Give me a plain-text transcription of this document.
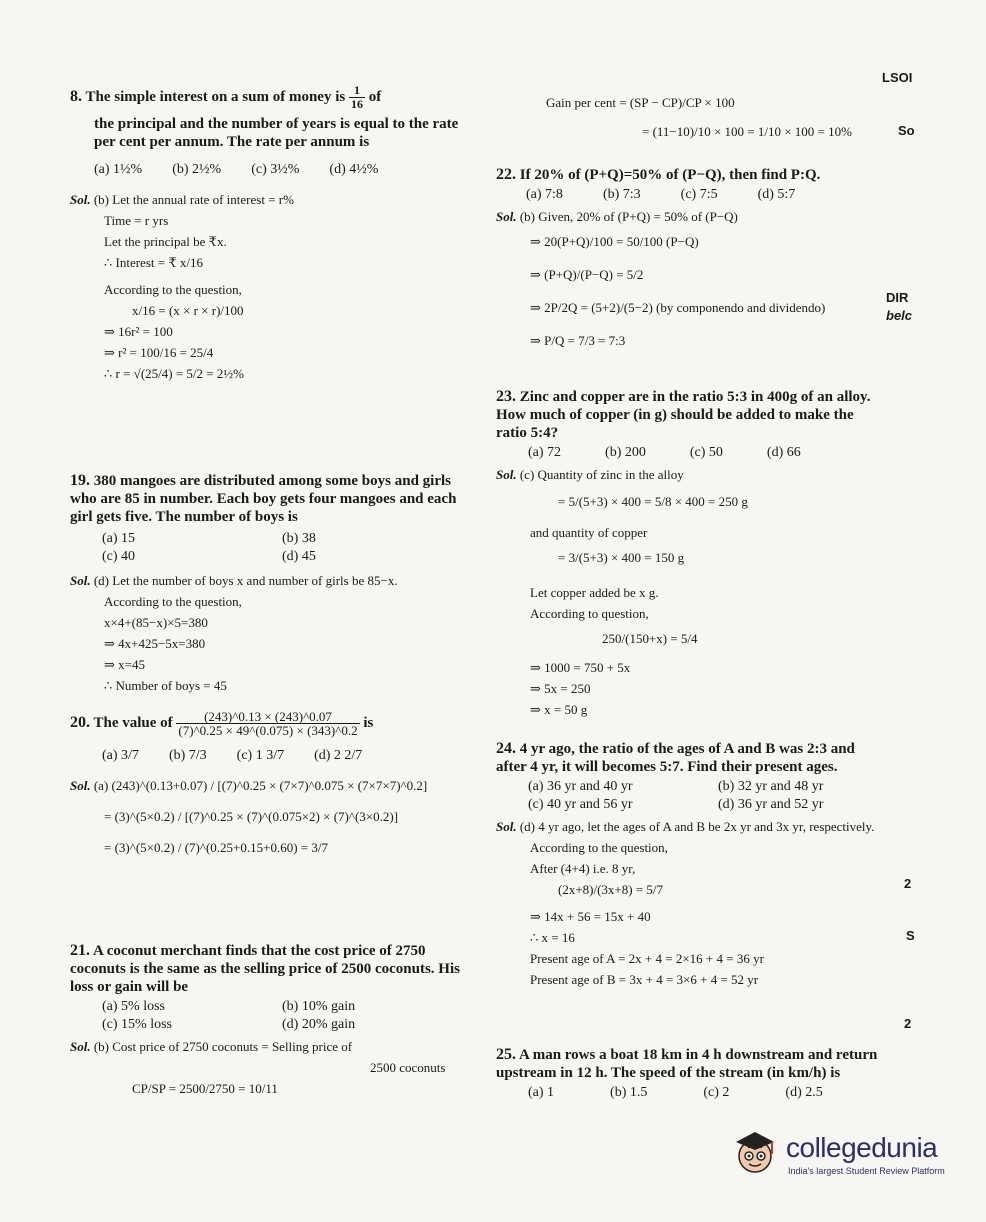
LSOI
So
DIR
belc
2
S
2
8. The simple interest on a sum of money is $\frac{1}{16}$ of
the principal and the number of years is equal to the rate per cent per annum. The rate per annum is
(a) 1½% (b) 2½% (c) 3½% (d) 4½%
Sol. (b) Let the annual rate of interest = r%
Time = r yrs
Let the principal be ₹x.
∴ Interest = ₹ x/16
According to the question,
x/16 = (x × r × r)/100
⇒ 16r² = 100
⇒ r² = 100/16 = 25/4
∴ r = √(25/4) = 5/2 = 2½%
19. 380 mangoes are distributed among some boys and girls who are 85 in number. Each boy gets four mangoes and each girl gets five. The number of boys is
(a) 15	(b) 38
(c) 40	(d) 45
Sol. (d) Let the number of boys x and number of girls be 85−x.
According to the question,
x×4+(85−x)×5=380
⇒ 4x+425−5x=380
⇒ x=45
∴ Number of boys = 45
20. The value of $\frac{(243)\^{}0.13 \times (243)\^{}0.07}{(7)\^{}0.25 \times 49\^{}(0.075) \times (343)\^{}0.2}$ is
(a) 3/7 (b) 7/3 (c) 1 3/7 (d) 2 2/7
Sol. (a) (243)^(0.13+0.07) / [(7)^0.25 × (7×7)^0.075 × (7×7×7)^0.2]
= (3)^(5×0.2) / [(7)^0.25 × (7)^(0.075×2) × (7)^(3×0.2)]
= (3)^(5×0.2) / (7)^(0.25+0.15+0.60) = 3/7
21. A coconut merchant finds that the cost price of 2750 coconuts is the same as the selling price of 2500 coconuts. His loss or gain will be
(a) 5% loss	(b) 10% gain
(c) 15% loss	(d) 20% gain
Sol. (b) Cost price of 2750 coconuts = Selling price of
2500 coconuts
CP/SP = 2500/2750 = 10/11
Gain per cent = (SP − CP)/CP × 100
= (11−10)/10 × 100 = 1/10 × 100 = 10%
22. If 20% of (P+Q)=50% of (P−Q), then find P:Q.
(a) 7:8	(b) 7:3	(c) 7:5	(d) 5:7
Sol. (b) Given, 20% of (P+Q) = 50% of (P−Q)
⇒ 20(P+Q)/100 = 50/100 (P−Q)
⇒ (P+Q)/(P−Q) = 5/2
⇒ 2P/2Q = (5+2)/(5−2) (by componendo and dividendo)
⇒ P/Q = 7/3 = 7:3
23. Zinc and copper are in the ratio 5:3 in 400g of an alloy. How much of copper (in g) should be added to make the ratio 5:4?
(a) 72	(b) 200	(c) 50	(d) 66
Sol. (c) Quantity of zinc in the alloy
= 5/(5+3) × 400 = 5/8 × 400 = 250 g
and quantity of copper
= 3/(5+3) × 400 = 150 g
Let copper added be x g.
According to question,
250/(150+x) = 5/4
⇒ 1000 = 750 + 5x
⇒ 5x = 250
⇒ x = 50 g
24. 4 yr ago, the ratio of the ages of A and B was 2:3 and after 4 yr, it will becomes 5:7. Find their present ages.
(a) 36 yr and 40 yr	(b) 32 yr and 48 yr
(c) 40 yr and 56 yr	(d) 36 yr and 52 yr
Sol. (d) 4 yr ago, let the ages of A and B be 2x yr and 3x yr, respectively.
According to the question,
After (4+4) i.e. 8 yr,
(2x+8)/(3x+8) = 5/7
⇒ 14x + 56 = 15x + 40
∴ x = 16
Present age of A = 2x + 4 = 2×16 + 4 = 36 yr
Present age of B = 3x + 4 = 3×6 + 4 = 52 yr
25. A man rows a boat 18 km in 4 h downstream and return upstream in 12 h. The speed of the stream (in km/h) is
(a) 1	(b) 1.5	(c) 2	(d) 2.5
collegedunia
India's largest Student Review Platform
